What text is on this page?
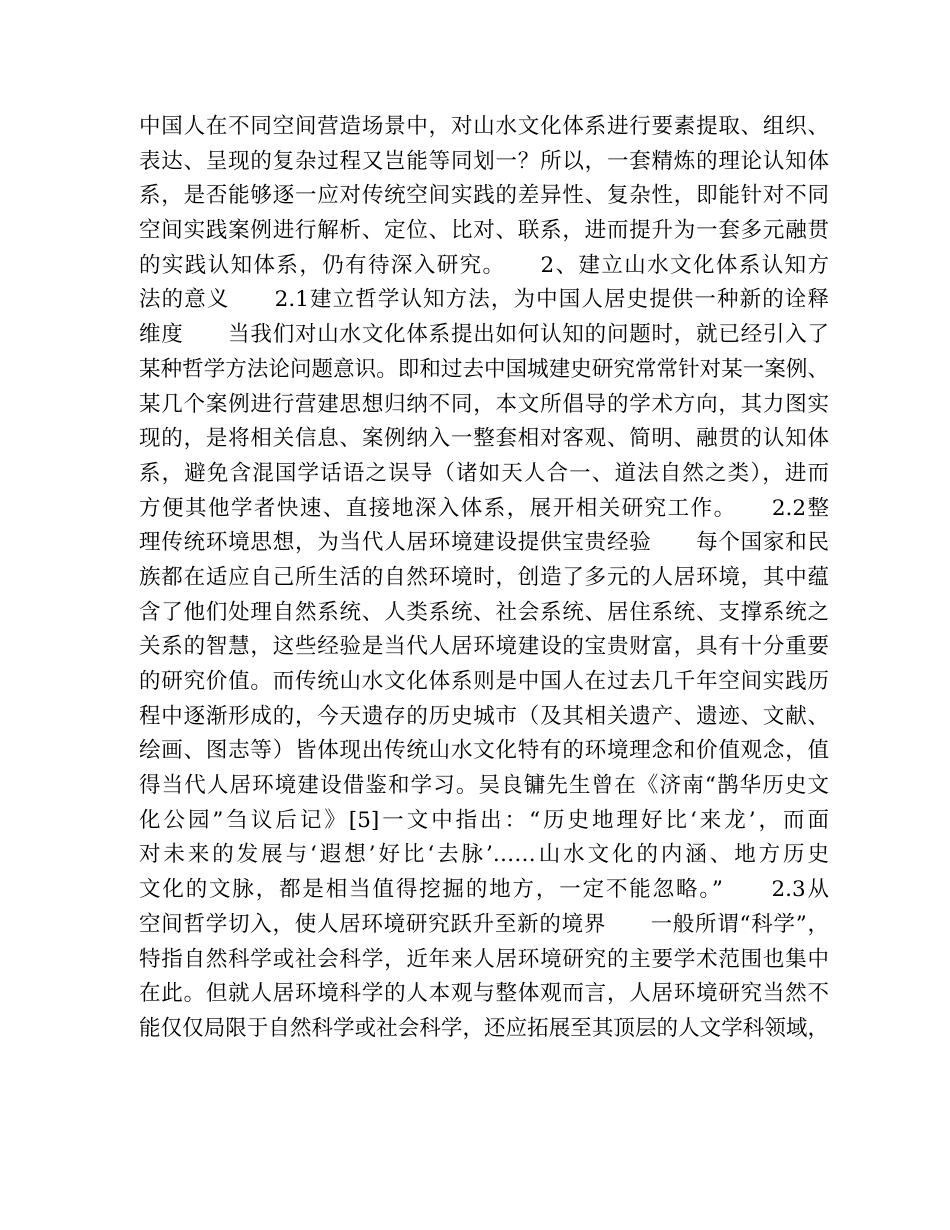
中国人在不同空间营造场景中，对山水文化体系进行要素提取、组织、
表达、呈现的复杂过程又岂能等同划一？所以，一套精炼的理论认知体
系，是否能够逐一应对传统空间实践的差异性、复杂性，即能针对不同
空间实践案例进行解析、定位、比对、联系，进而提升为一套多元融贯
的实践认知体系，仍有待深入研究。　　2、建立山水文化体系认知方
法的意义　　2.1建立哲学认知方法，为中国人居史提供一种新的诠释
维度　　当我们对山水文化体系提出如何认知的问题时，就已经引入了
某种哲学方法论问题意识。即和过去中国城建史研究常常针对某一案例、
某几个案例进行营建思想归纳不同，本文所倡导的学术方向，其力图实
现的，是将相关信息、案例纳入一整套相对客观、简明、融贯的认知体
系，避免含混国学话语之误导（诸如天人合一、道法自然之类），进而
方便其他学者快速、直接地深入体系，展开相关研究工作。　　2.2整
理传统环境思想，为当代人居环境建设提供宝贵经验　　每个国家和民
族都在适应自己所生活的自然环境时，创造了多元的人居环境，其中蕴
含了他们处理自然系统、人类系统、社会系统、居住系统、支撑系统之
关系的智慧，这些经验是当代人居环境建设的宝贵财富，具有十分重要
的研究价值。而传统山水文化体系则是中国人在过去几千年空间实践历
程中逐渐形成的，今天遗存的历史城市（及其相关遗产、遗迹、文献、
绘画、图志等）皆体现出传统山水文化特有的环境理念和价值观念，值
得当代人居环境建设借鉴和学习。吴良镛先生曾在《济南“鹊华历史文
化公园”刍议后记》[5]一文中指出：“历史地理好比‘来龙’，而面
对未来的发展与‘遐想’好比‘去脉’……山水文化的内涵、地方历史
文化的文脉，都是相当值得挖掘的地方，一定不能忽略。”　　2.3从
空间哲学切入，使人居环境研究跃升至新的境界　　一般所谓“科学”，
特指自然科学或社会科学，近年来人居环境研究的主要学术范围也集中
在此。但就人居环境科学的人本观与整体观而言，人居环境研究当然不
能仅仅局限于自然科学或社会科学，还应拓展至其顶层的人文学科领域，
